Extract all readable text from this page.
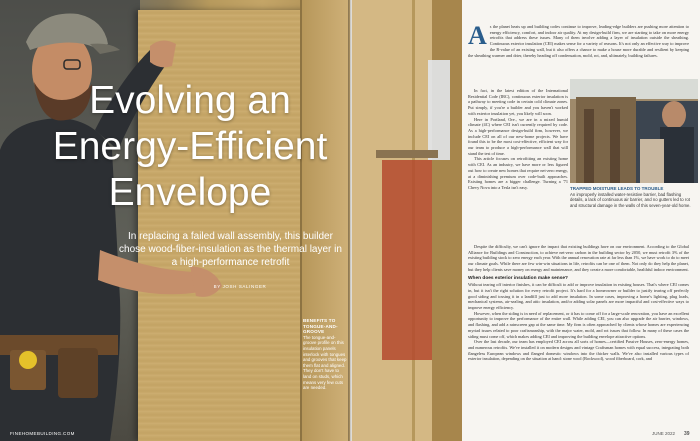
Evolving an
Energy-Efficient
Envelope

In replacing a failed wall assembly, this builder chose wood-fiber-insulation as the thermal layer in a high-performance retrofit

BY JOSH SALINGER
BENEFITS TO TONGUE-AND-GROOVE
The tongue-and-groove profile on this insulation panels interlock with tongues and grooves that keep them flat and aligned. They don't have to land on studs, which means very few cuts are needed.
FINEHOMEBUILDING.COM

As the planet heats up and building codes continue to improve, leading-edge builders are pushing more attention to energy efficiency, comfort, and indoor air quality. At my design-build firm, we are starting to take on more energy retrofits that address these issues. Many of them involve adding a layer of insulation outside the sheathing. Continuous exterior insulation (CEI) makes sense for a variety of reasons. It's not only an effective way to improve the R-value of an existing wall, but it also offers a chance to make a house more durable and resilient by keeping the sheathing warmer and drier, thereby heading off condensation, mold, rot, and, ultimately, building failures.

In fact, in the latest edition of the International Residential Code (IRC), continuous exterior insulation is a pathway to meeting code in certain cold climate zones. Put simply, if you're a builder and you haven't worked with exterior insulation yet, you likely will soon.

Here in Portland, Ore., we are in a mixed humid climate (4C) where CEI isn't currently required by code. As a high-performance design-build firm, however, we include CEI on all of our new-home projects. We have found this to be the most cost-effective, efficient way for our team to produce a high-performance wall that will stand the test of time.

This article focuses on retrofitting an existing home with CEI. As an industry, we have more or less figured out how to create new homes that require net-zero energy, at a diminishing premium over code-built approaches. Existing homes are a bigger challenge. Turning a '71 Chevy Nova into a Tesla isn't easy.	TRAPPED MOISTURE LEADS TO TROUBLE
An improperly installed water-resistive barrier, bad flashing details, a lack of continuous air barrier, and no gutters led to rot and structural damage in the walls of this seven-year-old home.

Despite the difficulty, we can't ignore the impact that existing buildings have on our environment. According to the Global Alliance for Buildings and Construction, to achieve net-zero carbon in the building sector by 2050, we must retrofit 3% of the existing building stock to zero energy each year. With the annual renovation rate at far less than 1%, we have work to do to meet our climate goals. While there are few win-win situations in life, retrofits can be one of them. Not only do they help the planet, but they help clients save money on energy and maintenance, and they create a more comfortable, healthful indoor environment.

When does exterior insulation make sense?

Without tearing off interior finishes, it can be difficult to add or improve insulation in existing houses. That's where CEI comes in, but it isn't the right solution for every retrofit project. It's hard for a homeowner or builder to justify tearing off perfectly good siding and tossing it in a landfill just to add more insulation. In some cases, improving a home's lighting, plug loads, mechanical systems, air-sealing, and attic insulation, and/or adding solar panels are more impactful and cost-effective ways to improve energy efficiency.

However, when the siding is in need of replacement, or it has to come off for a large-scale renovation, you have an excellent opportunity to improve the performance of the entire wall. While adding CEI, you can also upgrade the air barrier, windows, and flashing, and add a rainscreen gap at the same time. My firm is often approached by clients whose homes are experiencing myriad issues related to poor craftsmanship, with the major water, mold, and rot issues that follow. In many of these cases the siding must come off, which makes adding CEI and improving the building envelope attractive options.

Over the last decade, our team has employed CEI across all sorts of homes—certified Passive Houses, zero-energy homes, and numerous retrofits. We've installed it on modern designs and vintage Craftsman homes with equal success, integrating both flangeless European windows and flanged domestic windows into the thicker walls. We've also installed various types of exterior insulation, depending on the situation at hand: stone wool (Rockwool), wood fiberboard, cork, and

JUNE 2022 39
